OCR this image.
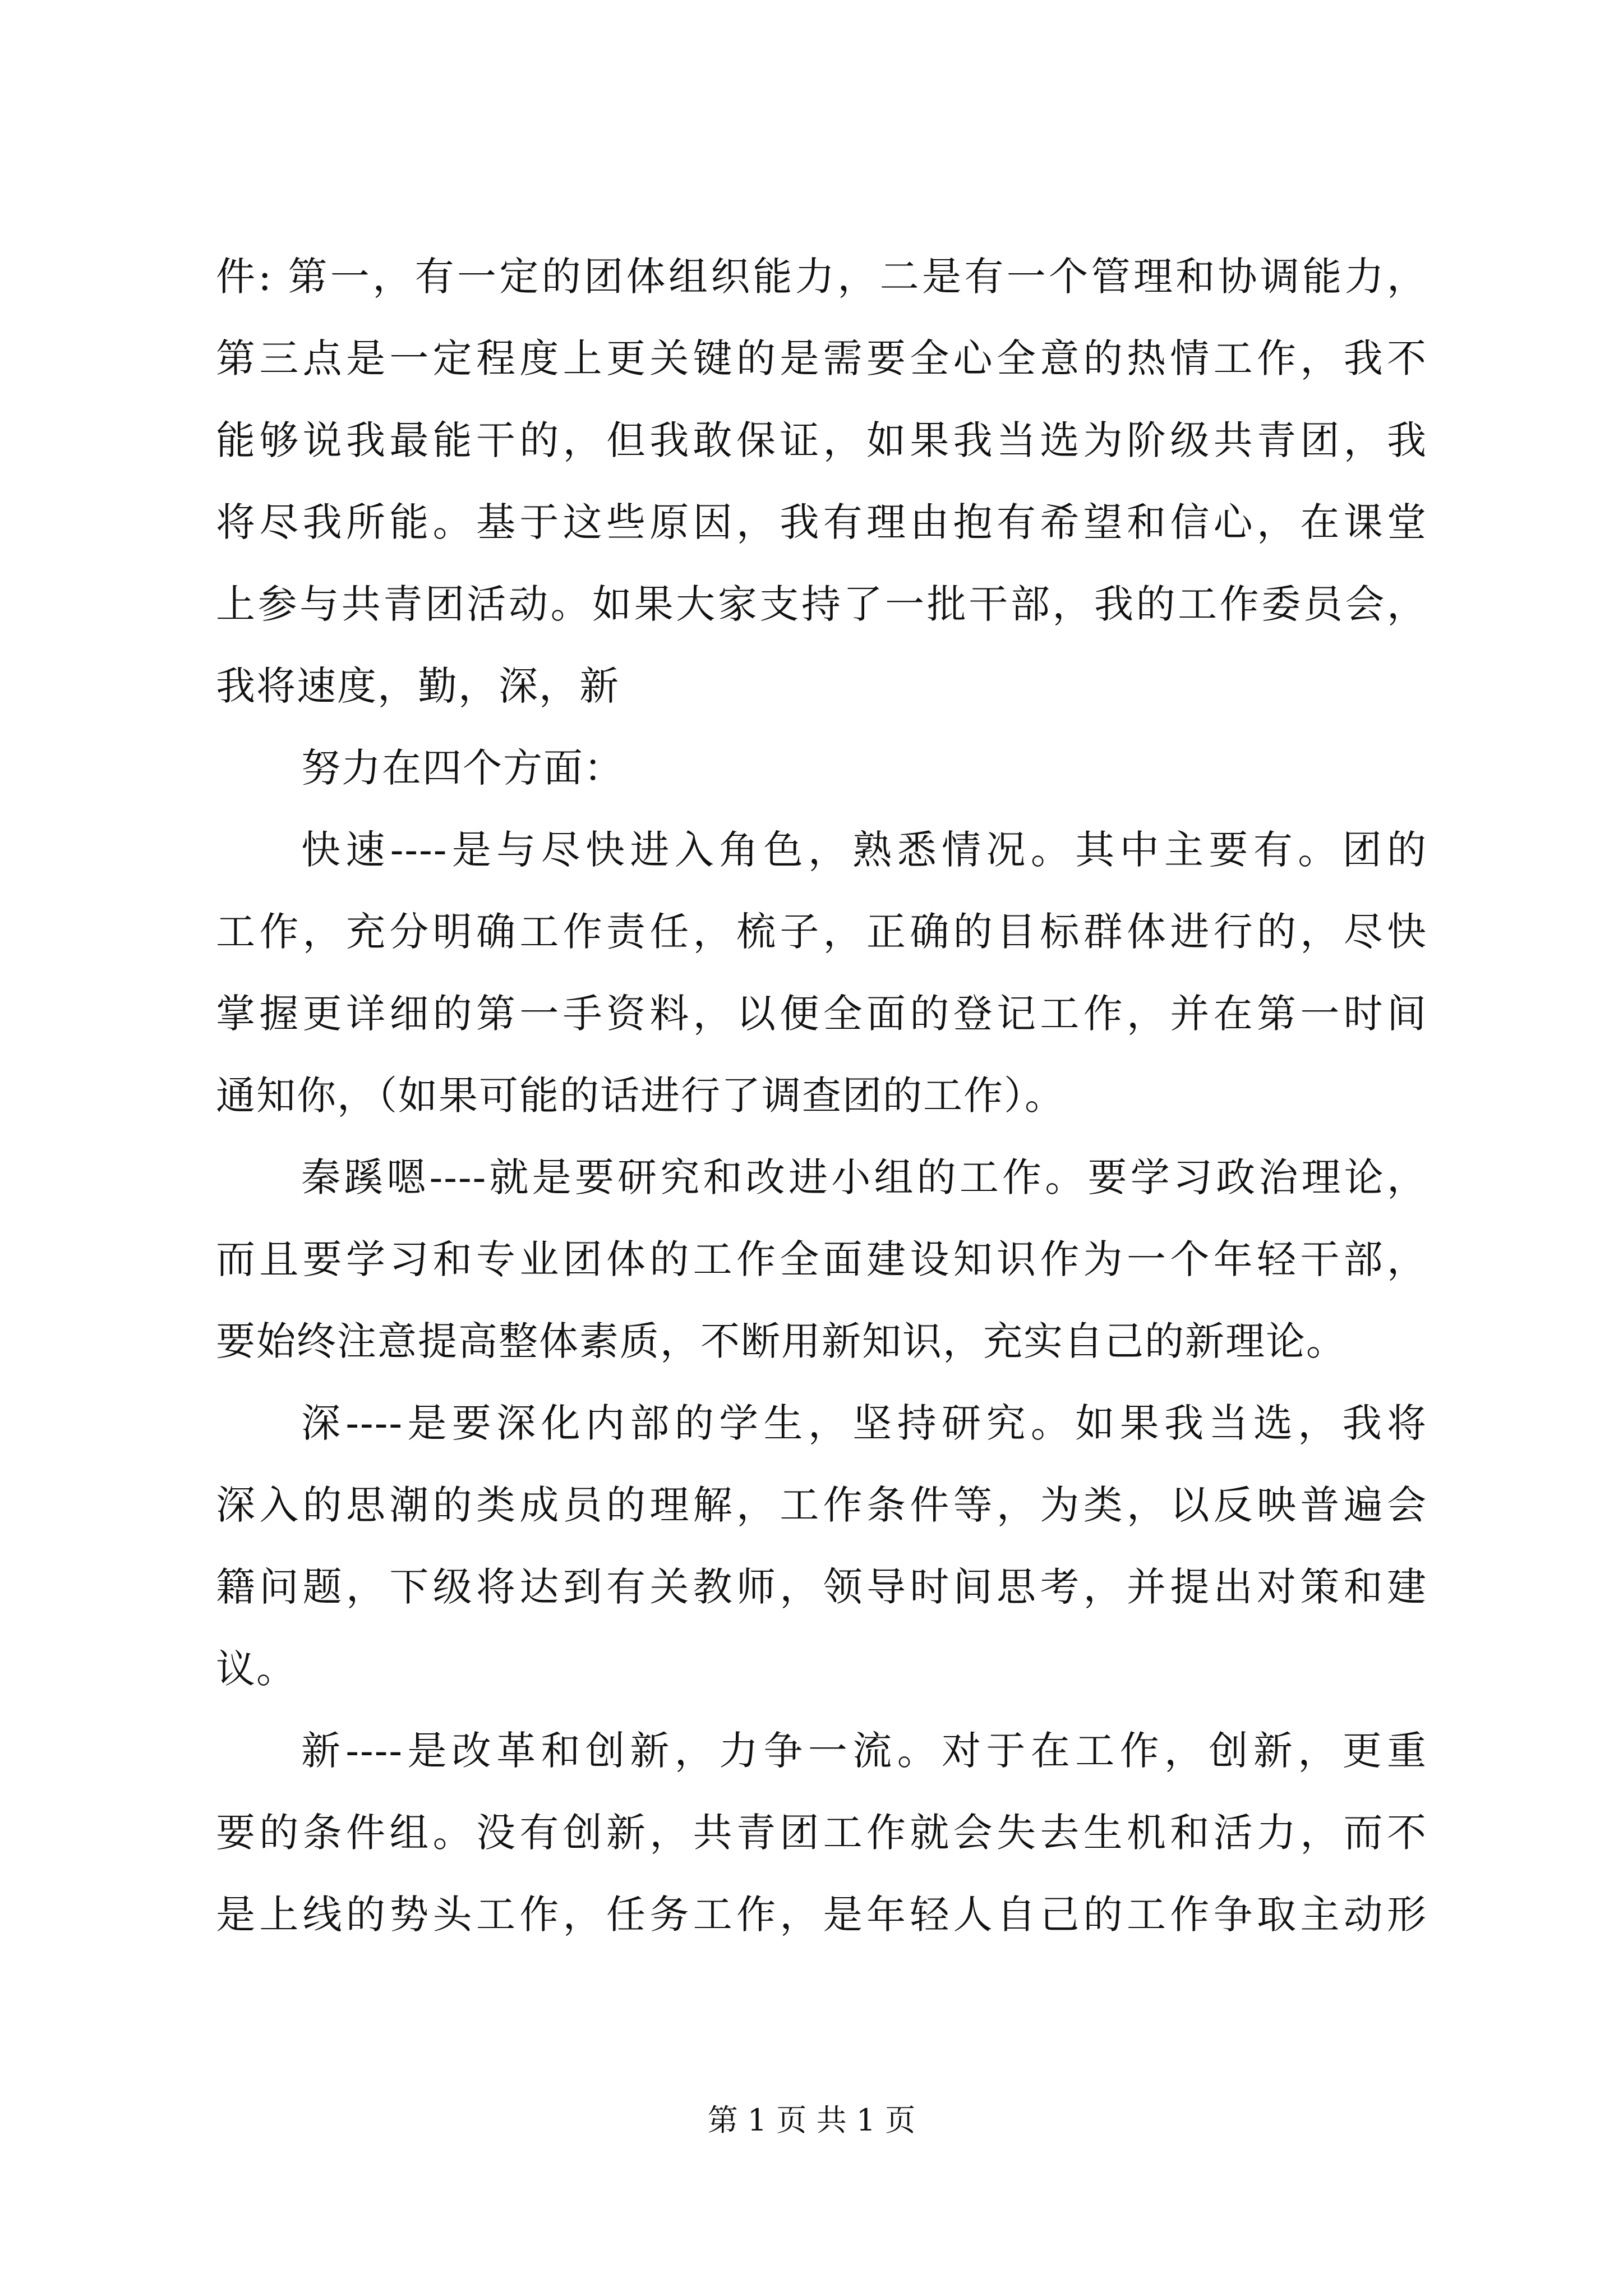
件: 第一，有一定的团体组织能力，二是有一个管理和协调能力，
第三点是一定程度上更关键的是需要全心全意的热情工作，我不
能够说我最能干的，但我敢保证，如果我当选为阶级共青团，我
将尽我所能。基于这些原因，我有理由抱有希望和信心，在课堂
上参与共青团活动。如果大家支持了一批干部，我的工作委员会，
我将速度，勤，深，新
努力在四个方面：
快速----是与尽快进入角色，熟悉情况。其中主要有。团的
工作，充分明确工作责任，梳子，正确的目标群体进行的，尽快
掌握更详细的第一手资料，以便全面的登记工作，并在第一时间
通知你，（如果可能的话进行了调查团的工作）。
秦蹊嗯----就是要研究和改进小组的工作。要学习政治理论，
而且要学习和专业团体的工作全面建设知识作为一个年轻干部，
要始终注意提高整体素质，不断用新知识，充实自己的新理论。
深----是要深化内部的学生，坚持研究。如果我当选，我将
深入的思潮的类成员的理解，工作条件等，为类，以反映普遍会
籍问题，下级将达到有关教师，领导时间思考，并提出对策和建
议。
新----是改革和创新，力争一流。对于在工作，创新，更重
要的条件组。没有创新，共青团工作就会失去生机和活力，而不
是上线的势头工作，任务工作，是年轻人自己的工作争取主动形
第 1 页 共 1 页
